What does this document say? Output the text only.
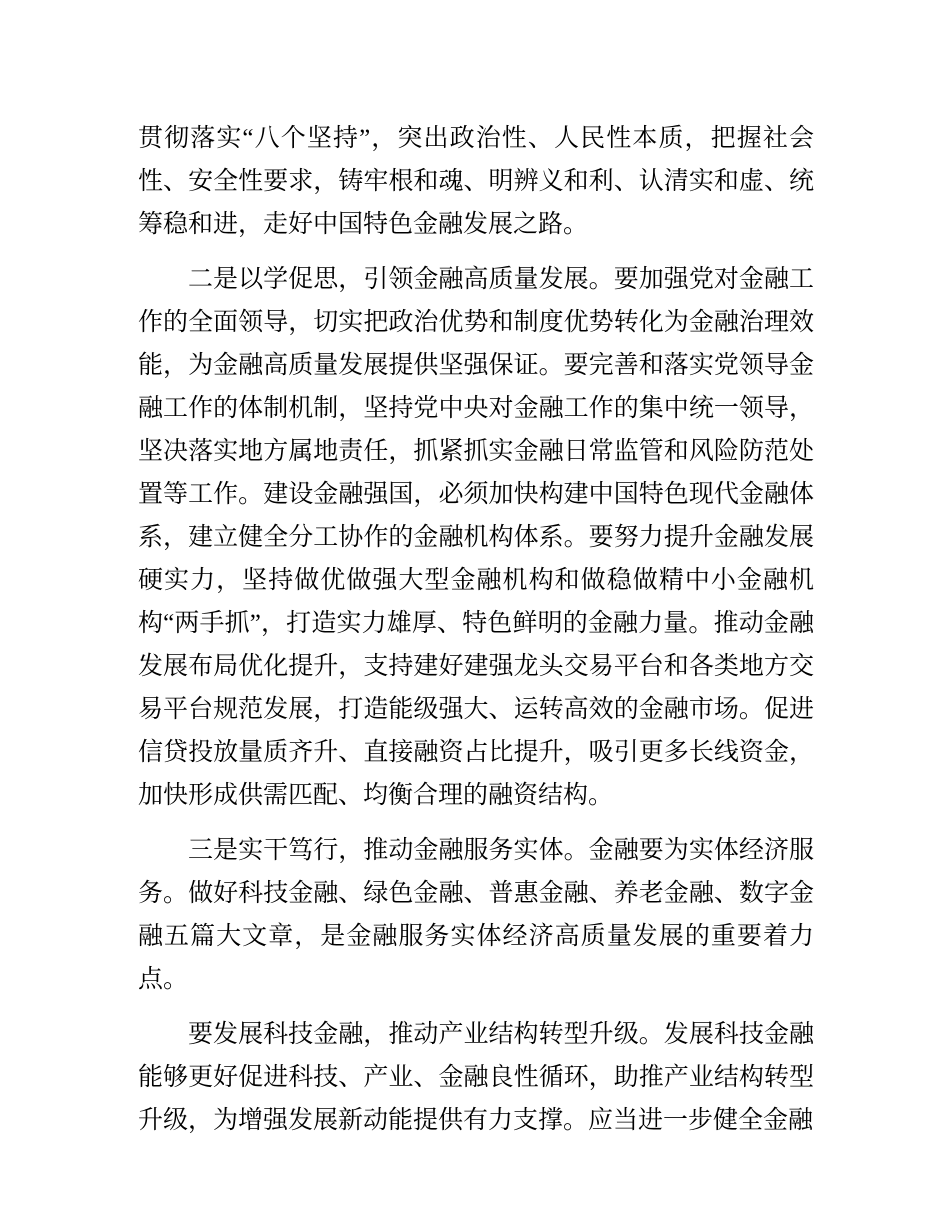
贯彻落实“八个坚持”，突出政治性、人民性本质，把握社会性、安全性要求，铸牢根和魂、明辨义和利、认清实和虚、统筹稳和进，走好中国特色金融发展之路。

二是以学促思，引领金融高质量发展。要加强党对金融工作的全面领导，切实把政治优势和制度优势转化为金融治理效能，为金融高质量发展提供坚强保证。要完善和落实党领导金融工作的体制机制，坚持党中央对金融工作的集中统一领导，坚决落实地方属地责任，抓紧抓实金融日常监管和风险防范处置等工作。建设金融强国，必须加快构建中国特色现代金融体系，建立健全分工协作的金融机构体系。要努力提升金融发展硬实力，坚持做优做强大型金融机构和做稳做精中小金融机构“两手抓”，打造实力雄厚、特色鲜明的金融力量。推动金融发展布局优化提升，支持建好建强龙头交易平台和各类地方交易平台规范发展，打造能级强大、运转高效的金融市场。促进信贷投放量质齐升、直接融资占比提升，吸引更多长线资金，加快形成供需匹配、均衡合理的融资结构。

三是实干笃行，推动金融服务实体。金融要为实体经济服务。做好科技金融、绿色金融、普惠金融、养老金融、数字金融五篇大文章，是金融服务实体经济高质量发展的重要着力点。

要发展科技金融，推动产业结构转型升级。发展科技金融能够更好促进科技、产业、金融良性循环，助推产业结构转型升级，为增强发展新动能提供有力支撑。应当进一步健全金融
